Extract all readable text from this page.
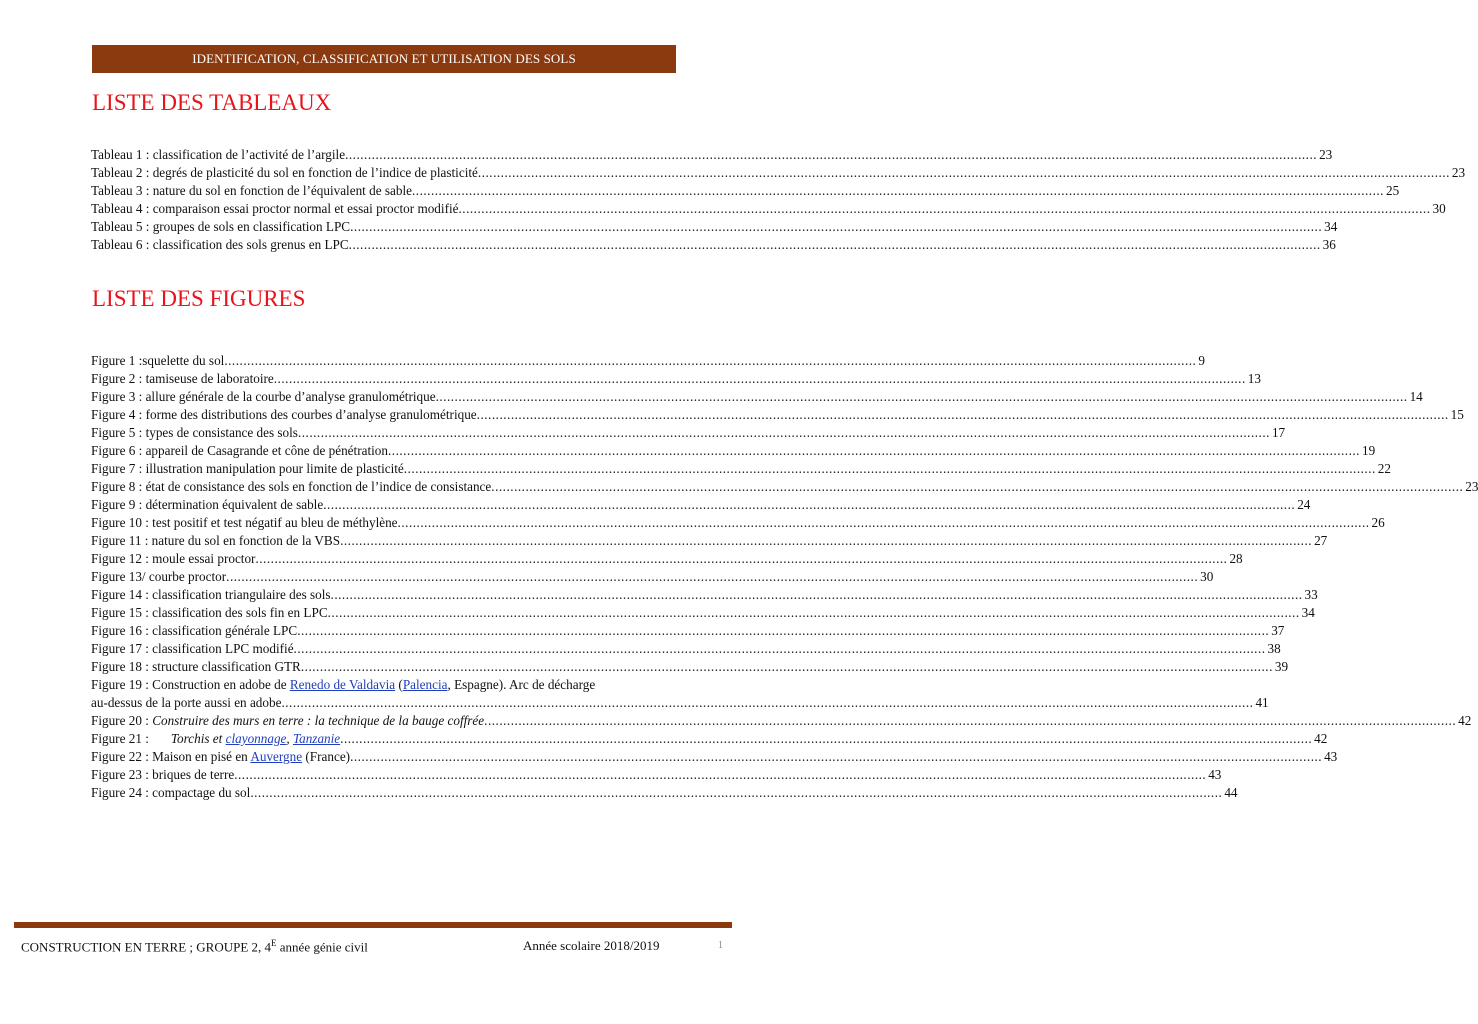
IDENTIFICATION, CLASSIFICATION ET UTILISATION DES SOLS
LISTE DES TABLEAUX
Tableau 1 : classification de l’activité de l’argile .....	23
Tableau 2 : degrés de plasticité du sol en fonction de l’indice de plasticité .....	23
Tableau 3 : nature du sol en fonction de l’équivalent de sable .....	25
Tableau 4 : comparaison essai proctor normal et essai proctor modifié .....	30
Tableau 5 : groupes de sols en classification LPC .....	34
Tableau 6 : classification des sols grenus en LPC .....	36
LISTE DES FIGURES
Figure 1 :squelette du sol .....	9
Figure 2 : tamiseuse de laboratoire .....	13
Figure 3 : allure générale de la courbe d’analyse granulométrique .....	14
Figure 4 : forme des distributions des courbes d’analyse granulométrique .....	15
Figure 5 : types de consistance des sols .....	17
Figure 6 : appareil de Casagrande et cône de pénétration .....	19
Figure 7 : illustration manipulation pour limite de plasticité .....	22
Figure 8 : état de consistance des sols en fonction de l’indice de consistance .....	23
Figure 9 : détermination équivalent de sable .....	24
Figure 10 : test positif et test négatif au bleu de méthylène .....	26
Figure 11 : nature du sol en fonction de la VBS .....	27
Figure 12 : moule essai proctor .....	28
Figure 13/ courbe proctor .....	30
Figure 14 : classification triangulaire des sols .....	33
Figure 15 : classification des sols fin en LPC .....	34
Figure 16 : classification générale LPC .....	37
Figure 17 : classification LPC modifié .....	38
Figure 18 : structure classification GTR .....	39
Figure 19 : Construction en adobe de Renedo de Valdavia (Palencia, Espagne). Arc de décharge
au-dessus de la porte aussi en adobe .....	41
Figure 20 : Construire des murs en terre : la technique de la bauge coffrée .....	42
Figure 21 : Torchis et clayonnage, Tanzanie .....	42
Figure 22 : Maison en pisé en Auvergne (France) .....	43
Figure 23 : briques de terre .....	43
Figure 24 : compactage du sol .....	44
CONSTRUCTION EN TERRE ; GROUPE 2, $4^E$ année génie civil	Année scolaire 2018/2019	1
